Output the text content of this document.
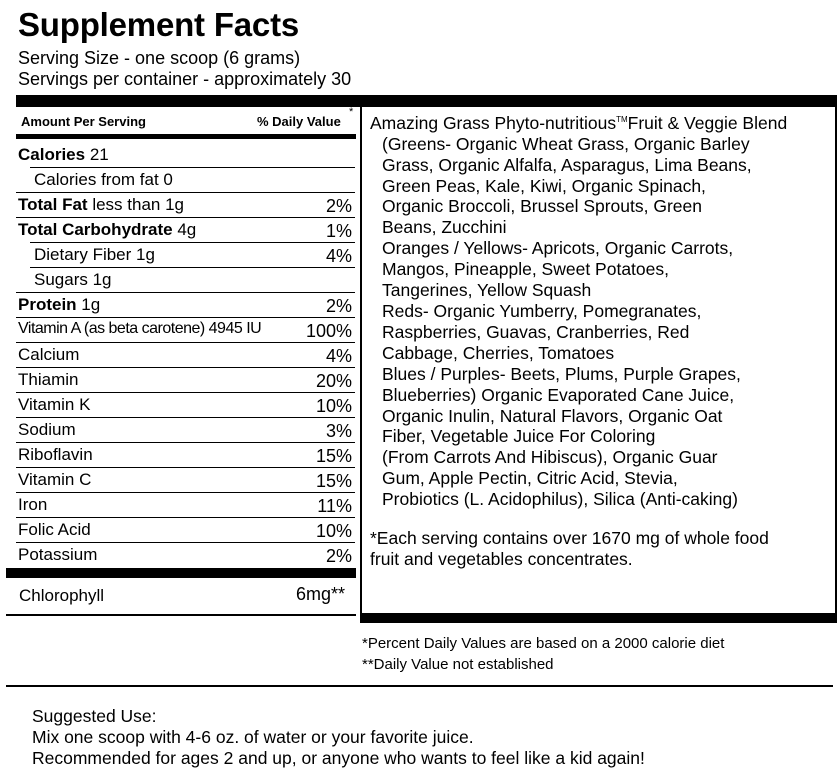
Supplement Facts
Serving Size - one scoop (6 grams)
Servings per container - approximately 30
Amount Per Serving	% Daily Value
*
Calories 21
Calories from fat 0
Total Fat less than 1g	2%
Total Carbohydrate 4g	1%
Dietary Fiber 1g	4%
Sugars 1g
Protein 1g	2%
Vitamin A (as beta carotene) 4945 IU 100%
Calcium	4%
Thiamin	20%
Vitamin K	10%
Sodium	3%
Riboflavin	15%
Vitamin C	15%
Iron	11%
Folic Acid	10%
Potassium	2%
Chlorophyll	6mg**
Amazing Grass Phyto-nutritious™Fruit & Veggie Blend
(Greens- Organic Wheat Grass, Organic Barley
Grass, Organic Alfalfa, Asparagus, Lima Beans,
Green Peas, Kale, Kiwi, Organic Spinach,
Organic Broccoli, Brussel Sprouts, Green
Beans, Zucchini
Oranges / Yellows- Apricots, Organic Carrots,
Mangos, Pineapple, Sweet Potatoes,
Tangerines, Yellow Squash
Reds- Organic Yumberry, Pomegranates,
Raspberries, Guavas, Cranberries, Red
Cabbage, Cherries, Tomatoes
Blues / Purples- Beets, Plums, Purple Grapes,
Blueberries) Organic Evaporated Cane Juice,
Organic Inulin, Natural Flavors, Organic Oat
Fiber, Vegetable Juice For Coloring
(From Carrots And Hibiscus), Organic Guar
Gum, Apple Pectin, Citric Acid, Stevia,
Probiotics (L. Acidophilus), Silica (Anti-caking)
*Each serving contains over 1670 mg of whole food
fruit and vegetables concentrates.
*Percent Daily Values are based on a 2000 calorie diet
**Daily Value not established
Suggested Use:
Mix one scoop with 4-6 oz. of water or your favorite juice.
Recommended for ages 2 and up, or anyone who wants to feel like a kid again!
